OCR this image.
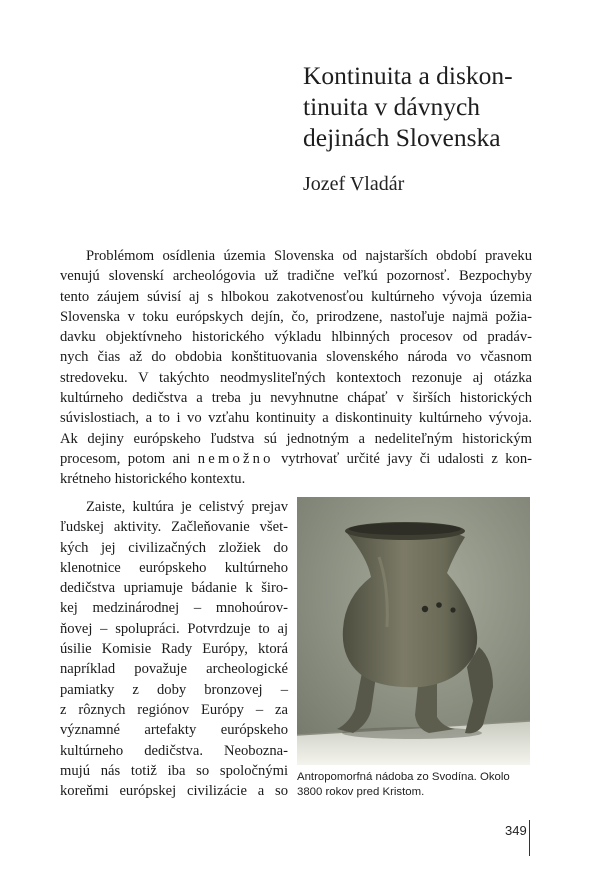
Kontinuita a diskon-
tinuita v dávnych
dejinách Slovenska
Jozef Vladár
Problémom osídlenia územia Slovenska od najstarších období praveku
venujú slovenskí archeológovia už tradične veľkú pozornosť. Bezpochyby
tento záujem súvisí aj s hlbokou zakotvenosťou kultúrneho vývoja územia
Slovenska v toku európskych dejín, čo, prirodzene, nastoľuje najmä požia-
davku objektívneho historického výkladu hlbinných procesov od pradáv-
nych čias až do obdobia konštituovania slovenského národa vo včasnom
stredoveku. V takýchto neodmysliteľných kontextoch rezonuje aj otázka
kultúrneho dedičstva a treba ju nevyhnutne chápať v širších historických
súvislostiach, a to i vo vzťahu kontinuity a diskontinuity kultúrneho vývoja.
Ak dejiny európskeho ľudstva sú jednotným a nedeliteľným historickým
procesom, potom ani nemožno vytrhovať určité javy či udalosti z kon-
krétneho historického kontextu.
Zaiste, kultúra je celistvý prejav
ľudskej aktivity. Začleňovanie všet-
kých jej civilizačných zložiek do
klenotnice európskeho kultúrneho
dedičstva upriamuje bádanie k širo-
kej medzinárodnej – mnohoúrov-
ňovej – spolupráci. Potvrdzuje to aj
úsilie Komisie Rady Európy, ktorá
napríklad považuje archeologické
pamiatky z doby bronzovej –
z rôznych regiónov Európy – za
významné artefakty európskeho
kultúrneho dedičstva. Neoboznа-
mujú nás totiž iba so spoločnými
koreňmi európskej civilizácie a so
Antropomorfná nádoba zo Svodína. Okolo
3800 rokov pred Kristom.
349
